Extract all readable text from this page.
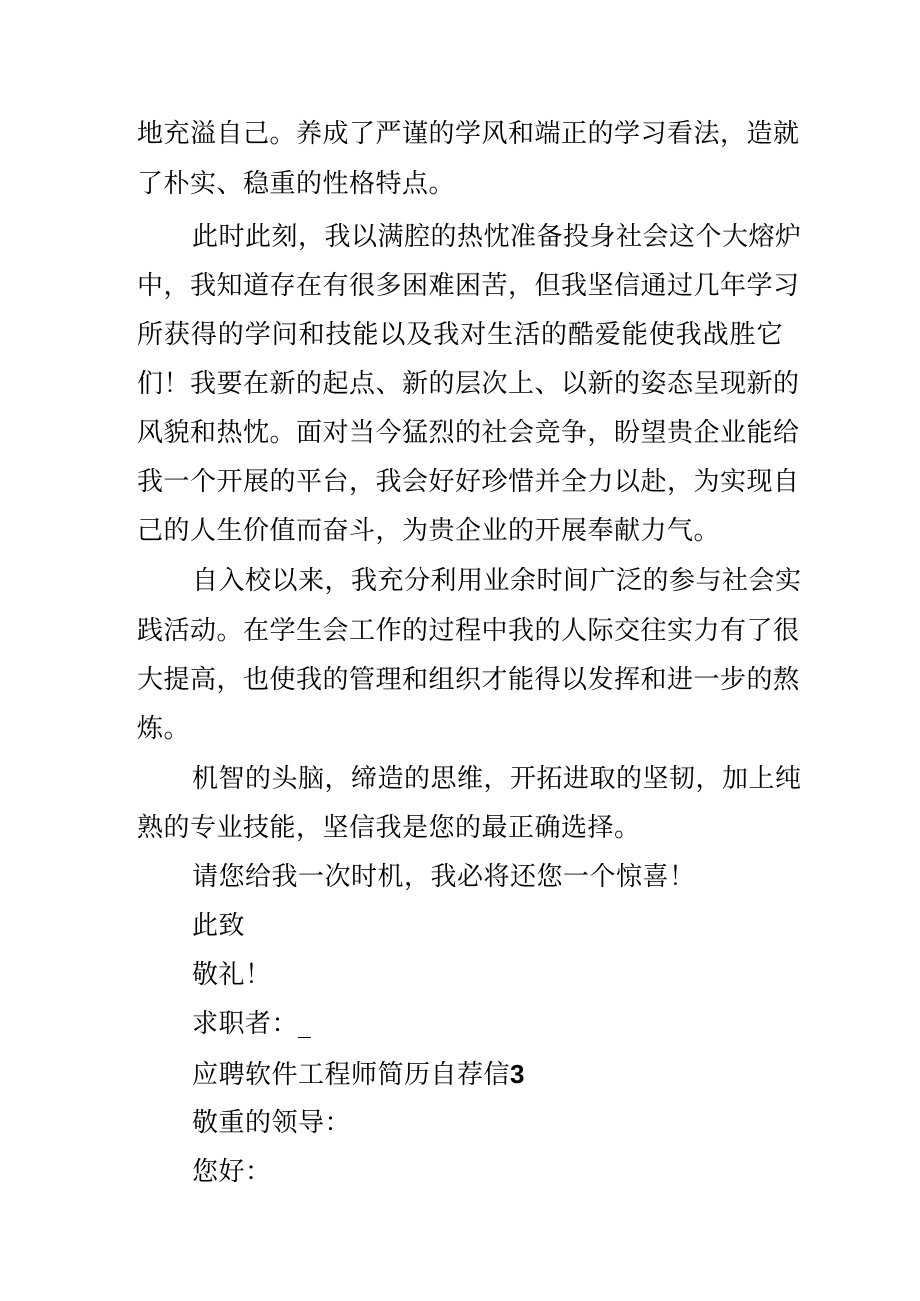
地充溢自己。养成了严谨的学风和端正的学习看法，造就
了朴实、稳重的性格特点。
此时此刻，我以满腔的热忱准备投身社会这个大熔炉
中，我知道存在有很多困难困苦，但我坚信通过几年学习
所获得的学问和技能以及我对生活的酷爱能使我战胜它
们！我要在新的起点、新的层次上、以新的姿态呈现新的
风貌和热忱。面对当今猛烈的社会竞争，盼望贵企业能给
我一个开展的平台，我会好好珍惜并全力以赴，为实现自
己的人生价值而奋斗，为贵企业的开展奉献力气。
自入校以来，我充分利用业余时间广泛的参与社会实
践活动。在学生会工作的过程中我的人际交往实力有了很
大提高，也使我的管理和组织才能得以发挥和进一步的熬
炼。
机智的头脑，缔造的思维，开拓进取的坚韧，加上纯
熟的专业技能，坚信我是您的最正确选择。
请您给我一次时机，我必将还您一个惊喜！
此致
敬礼！
求职者：_
应聘软件工程师简历自荐信3
敬重的领导：
您好：
